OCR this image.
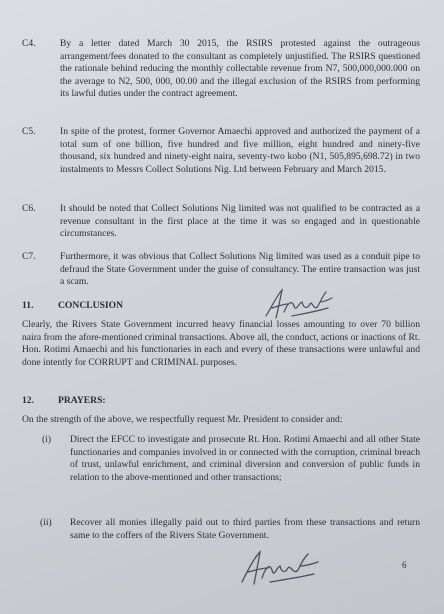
C4.	By a letter dated March 30 2015, the RSIRS protested against the outrageous arrangement/fees donated to the consultant as completely unjustified. The RSIRS questioned the rationale behind reducing the monthly collectable revenue from N7, 500,000,000.000 on the average to N2, 500, 000, 00.00 and the illegal exclusion of the RSIRS from performing its lawful duties under the contract agreement.
C5.	In spite of the protest, former Governor Amaechi approved and authorized the payment of a total sum of one billion, five hundred and five million, eight hundred and ninety-five thousand, six hundred and ninety-eight naira, seventy-two kobo (N1, 505,895,698.72) in two instalments to Messrs Collect Solutions Nig. Ltd between February and March 2015.
C6.	It should be noted that Collect Solutions Nig limited was not qualified to be contracted as a revenue consultant in the first place at the time it was so engaged and in questionable circumstances.
C7.	Furthermore, it was obvious that Collect Solutions Nig limited was used as a conduit pipe to defraud the State Government under the guise of consultancy. The entire transaction was just a scam.
11.	CONCLUSION
Clearly, the Rivers State Government incurred heavy financial losses amounting to over 70 billion naira from the afore-mentioned criminal transactions. Above all, the conduct, actions or inactions of Rt. Hon. Rotimi Amaechi and his functionaries in each and every of these transactions were unlawful and done intently for CORRUPT and CRIMINAL purposes.
12.	PRAYERS:
On the strength of the above, we respectfully request Mr. President to consider and:
(i) Direct the EFCC to investigate and prosecute Rt. Hon. Rotimi Amaechi and all other State functionaries and companies involved in or connected with the corruption, criminal breach of trust, unlawful enrichment, and criminal diversion and conversion of public funds in relation to the above-mentioned and other transactions;
(ii) Recover all monies illegally paid out to third parties from these transactions and return same to the coffers of the Rivers State Government.
6
